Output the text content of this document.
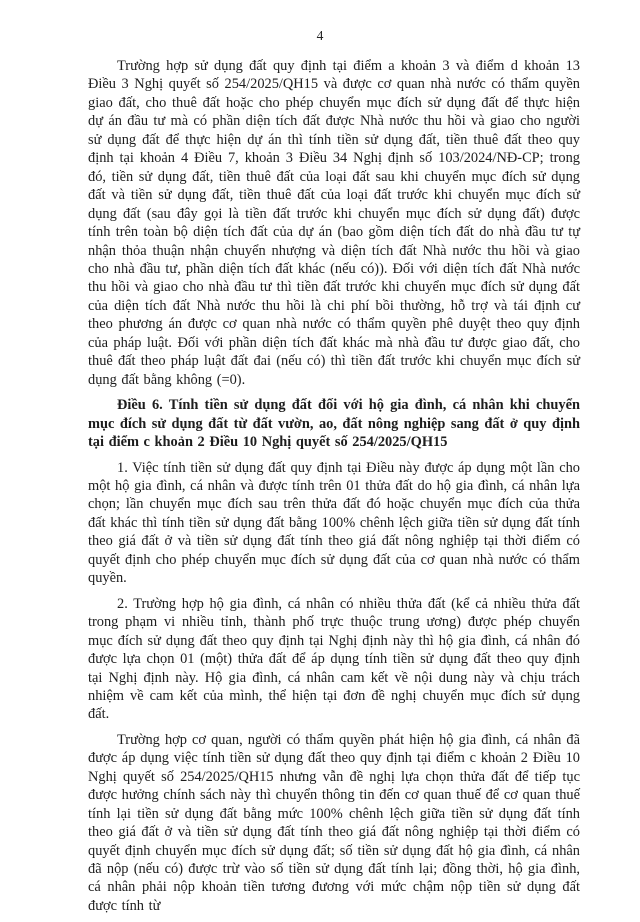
4

Trường hợp sử dụng đất quy định tại điểm a khoản 3 và điểm d khoản 13 Điều 3 Nghị quyết số 254/2025/QH15 và được cơ quan nhà nước có thẩm quyền giao đất, cho thuê đất hoặc cho phép chuyển mục đích sử dụng đất để thực hiện dự án đầu tư mà có phần diện tích đất được Nhà nước thu hồi và giao cho người sử dụng đất để thực hiện dự án thì tính tiền sử dụng đất, tiền thuê đất theo quy định tại khoản 4 Điều 7, khoản 3 Điều 34 Nghị định số 103/2024/NĐ-CP; trong đó, tiền sử dụng đất, tiền thuê đất của loại đất sau khi chuyển mục đích sử dụng đất và tiền sử dụng đất, tiền thuê đất của loại đất trước khi chuyển mục đích sử dụng đất (sau đây gọi là tiền đất trước khi chuyển mục đích sử dụng đất) được tính trên toàn bộ diện tích đất của dự án (bao gồm diện tích đất do nhà đầu tư tự nhận thỏa thuận nhận chuyển nhượng và diện tích đất Nhà nước thu hồi và giao cho nhà đầu tư, phần diện tích đất khác (nếu có)). Đối với diện tích đất Nhà nước thu hồi và giao cho nhà đầu tư thì tiền đất trước khi chuyển mục đích sử dụng đất của diện tích đất Nhà nước thu hồi là chi phí bồi thường, hỗ trợ và tái định cư theo phương án được cơ quan nhà nước có thẩm quyền phê duyệt theo quy định của pháp luật. Đối với phần diện tích đất khác mà nhà đầu tư được giao đất, cho thuê đất theo pháp luật đất đai (nếu có) thì tiền đất trước khi chuyển mục đích sử dụng đất bằng không (=0).

Điều 6. Tính tiền sử dụng đất đối với hộ gia đình, cá nhân khi chuyển mục đích sử dụng đất từ đất vườn, ao, đất nông nghiệp sang đất ở quy định tại điểm c khoản 2 Điều 10 Nghị quyết số 254/2025/QH15

1. Việc tính tiền sử dụng đất quy định tại Điều này được áp dụng một lần cho một hộ gia đình, cá nhân và được tính trên 01 thửa đất do hộ gia đình, cá nhân lựa chọn; lần chuyển mục đích sau trên thửa đất đó hoặc chuyển mục đích của thửa đất khác thì tính tiền sử dụng đất bằng 100% chênh lệch giữa tiền sử dụng đất tính theo giá đất ở và tiền sử dụng đất tính theo giá đất nông nghiệp tại thời điểm có quyết định cho phép chuyển mục đích sử dụng đất của cơ quan nhà nước có thẩm quyền.

2. Trường hợp hộ gia đình, cá nhân có nhiều thửa đất (kể cả nhiều thửa đất trong phạm vi nhiều tỉnh, thành phố trực thuộc trung ương) được phép chuyển mục đích sử dụng đất theo quy định tại Nghị định này thì hộ gia đình, cá nhân đó được lựa chọn 01 (một) thửa đất để áp dụng tính tiền sử dụng đất theo quy định tại Nghị định này. Hộ gia đình, cá nhân cam kết về nội dung này và chịu trách nhiệm về cam kết của mình, thể hiện tại đơn đề nghị chuyển mục đích sử dụng đất.

Trường hợp cơ quan, người có thẩm quyền phát hiện hộ gia đình, cá nhân đã được áp dụng việc tính tiền sử dụng đất theo quy định tại điểm c khoản 2 Điều 10 Nghị quyết số 254/2025/QH15 nhưng vẫn đề nghị lựa chọn thửa đất để tiếp tục được hưởng chính sách này thì chuyển thông tin đến cơ quan thuế để cơ quan thuế tính lại tiền sử dụng đất bằng mức 100% chênh lệch giữa tiền sử dụng đất tính theo giá đất ở và tiền sử dụng đất tính theo giá đất nông nghiệp tại thời điểm có quyết định chuyển mục đích sử dụng đất; số tiền sử dụng đất hộ gia đình, cá nhân đã nộp (nếu có) được trừ vào số tiền sử dụng đất tính lại; đồng thời, hộ gia đình, cá nhân phải nộp khoản tiền tương đương với mức chậm nộp tiền sử dụng đất được tính từ
